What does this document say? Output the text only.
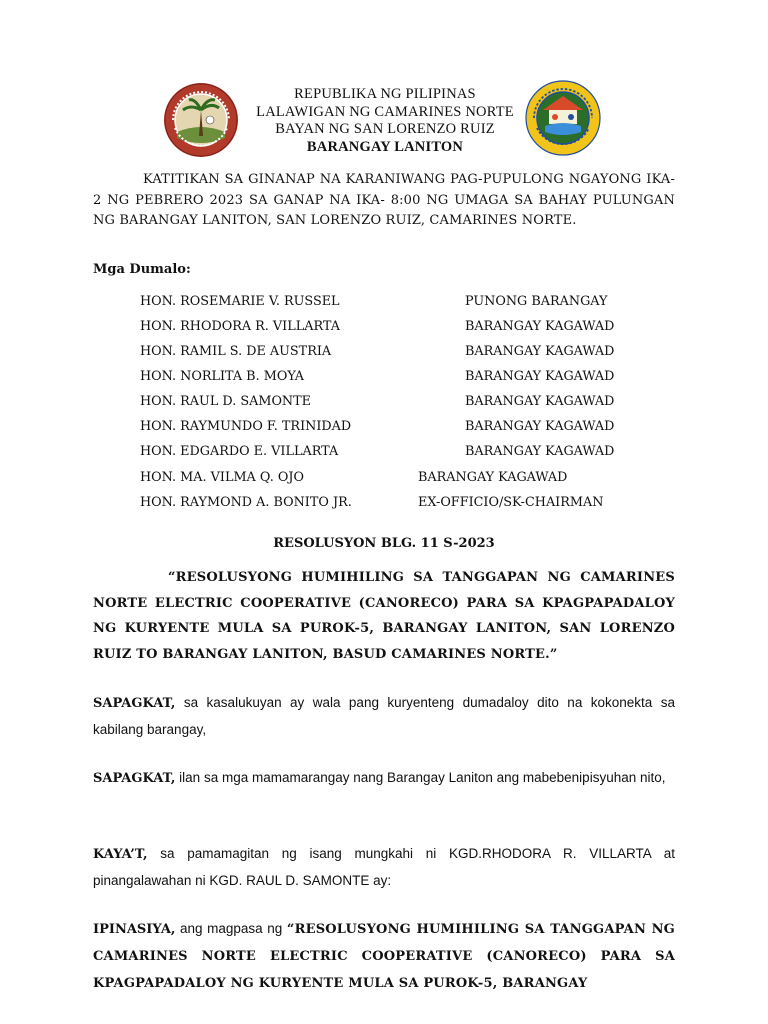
REPUBLIKA NG PILIPINAS
LALAWIGAN NG CAMARINES NORTE
BAYAN NG SAN LORENZO RUIZ
BARANGAY LANITON
KATITIKAN SA GINANAP NA KARANIWANG PAG-PUPULONG NGAYONG IKA-2 NG PEBRERO 2023 SA GANAP NA IKA- 8:00 NG UMAGA SA BAHAY PULUNGAN NG BARANGAY LANITON, SAN LORENZO RUIZ, CAMARINES NORTE.
Mga Dumalo:
HON. ROSEMARIE V. RUSSEL	PUNONG BARANGAY
HON. RHODORA R. VILLARTA	BARANGAY KAGAWAD
HON. RAMIL S. DE AUSTRIA	BARANGAY KAGAWAD
HON. NORLITA B. MOYA	BARANGAY KAGAWAD
HON. RAUL D. SAMONTE	BARANGAY KAGAWAD
HON. RAYMUNDO F. TRINIDAD	BARANGAY KAGAWAD
HON. EDGARDO E. VILLARTA	BARANGAY KAGAWAD
HON. MA. VILMA Q. OJO	BARANGAY KAGAWAD
HON. RAYMOND A. BONITO JR.	EX-OFFICIO/SK-CHAIRMAN
RESOLUSYON BLG. 11 S-2023
“RESOLUSYONG HUMIHILING SA TANGGAPAN NG CAMARINES NORTE ELECTRIC COOPERATIVE (CANORECO) PARA SA KPAGPAPADALOY NG KURYENTE MULA SA PUROK-5, BARANGAY LANITON, SAN LORENZO RUIZ TO BARANGAY LANITON, BASUD CAMARINES NORTE.”
SAPAGKAT, sa kasalukuyan ay wala pang kuryenteng dumadaloy dito na kokonekta sa kabilang barangay,
SAPAGKAT, ilan sa mga mamamarangay nang Barangay Laniton ang mabebenipisyuhan nito,
KAYA’T, sa pamamagitan ng isang mungkahi ni KGD.RHODORA R. VILLARTA at pinangalawahan ni KGD. RAUL D. SAMONTE ay:
IPINASIYA, ang magpasa ng “RESOLUSYONG HUMIHILING SA TANGGAPAN NG CAMARINES NORTE ELECTRIC COOPERATIVE (CANORECO) PARA SA KPAGPAPADALOY NG KURYENTE MULA SA PUROK-5, BARANGAY
